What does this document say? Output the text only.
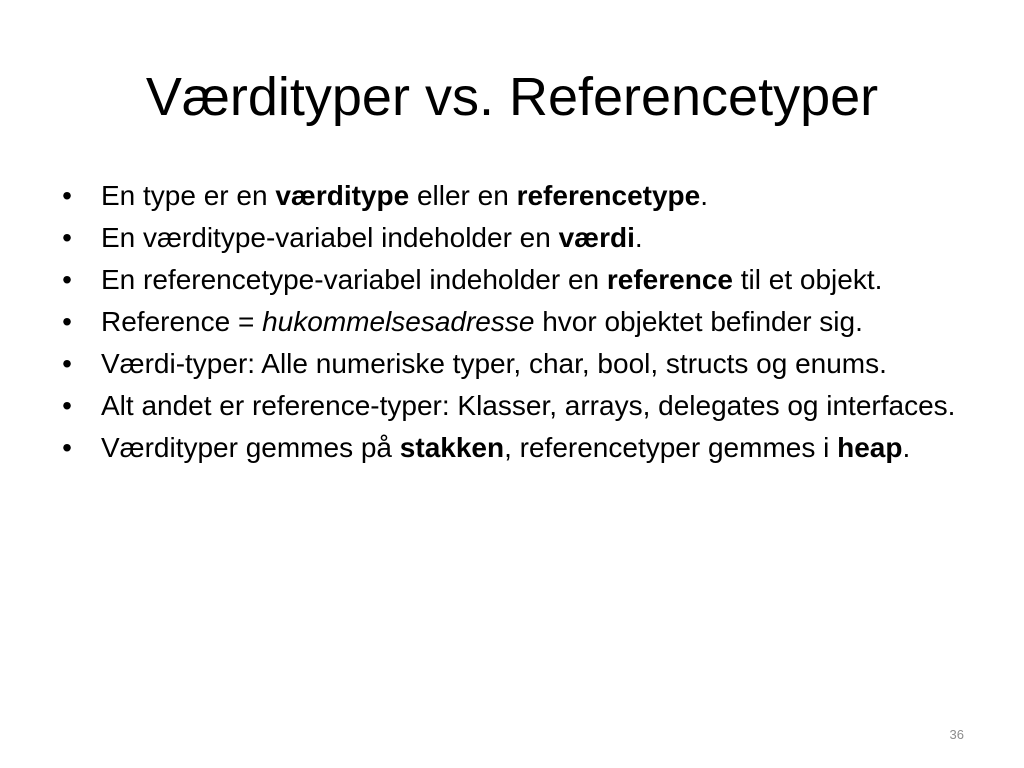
Værdityper vs. Referencetyper
• En type er en værditype eller en referencetype.
• En værditype-variabel indeholder en værdi.
• En referencetype-variabel indeholder en reference til et objekt.
• Reference = hukommelsesadresse hvor objektet befinder sig.
• Værdi-typer: Alle numeriske typer, char, bool, structs og enums.
• Alt andet er reference-typer: Klasser, arrays, delegates og interfaces.
• Værdityper gemmes på stakken, referencetyper gemmes i heap.
36
